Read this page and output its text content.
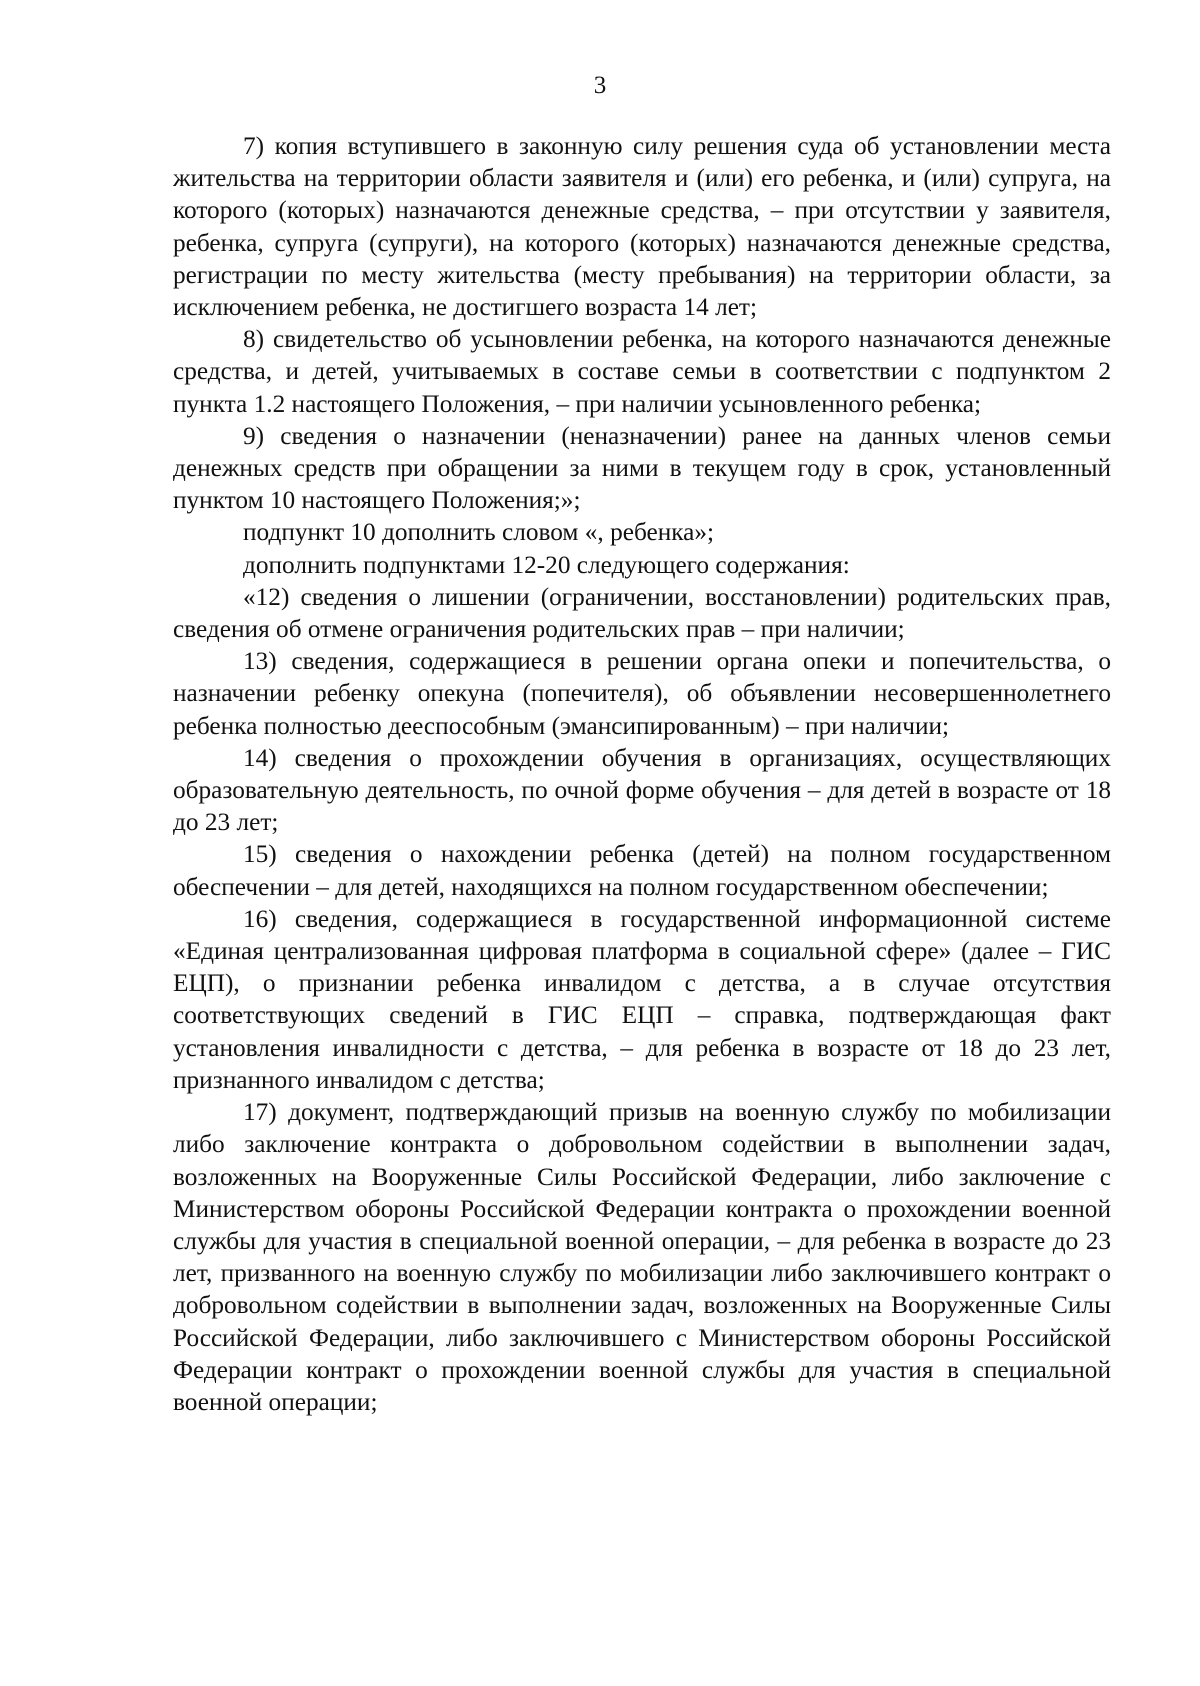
3

7) копия вступившего в законную силу решения суда об установлении места жительства на территории области заявителя и (или) его ребенка, и (или) супруга, на которого (которых) назначаются денежные средства, – при отсутствии у заявителя, ребенка, супруга (супруги), на которого (которых) назначаются денежные средства, регистрации по месту жительства (месту пребывания) на территории области, за исключением ребенка, не достигшего возраста 14 лет;

8) свидетельство об усыновлении ребенка, на которого назначаются денежные средства, и детей, учитываемых в составе семьи в соответствии с подпунктом 2 пункта 1.2 настоящего Положения, – при наличии усыновленного ребенка;

9) сведения о назначении (неназначении) ранее на данных членов семьи денежных средств при обращении за ними в текущем году в срок, установленный пунктом 10 настоящего Положения;»;

подпункт 10 дополнить словом «, ребенка»;

дополнить подпунктами 12-20 следующего содержания:

«12) сведения о лишении (ограничении, восстановлении) родительских прав, сведения об отмене ограничения родительских прав – при наличии;

13) сведения, содержащиеся в решении органа опеки и попечительства, о назначении ребенку опекуна (попечителя), об объявлении несовершеннолетнего ребенка полностью дееспособным (эмансипированным) – при наличии;

14) сведения о прохождении обучения в организациях, осуществляющих образовательную деятельность, по очной форме обучения – для детей в возрасте от 18 до 23 лет;

15) сведения о нахождении ребенка (детей) на полном государственном обеспечении – для детей, находящихся на полном государственном обеспечении;

16) сведения, содержащиеся в государственной информационной системе «Единая централизованная цифровая платформа в социальной сфере» (далее – ГИС ЕЦП), о признании ребенка инвалидом с детства, а в случае отсутствия соответствующих сведений в ГИС ЕЦП – справка, подтверждающая факт установления инвалидности с детства, – для ребенка в возрасте от 18 до 23 лет, признанного инвалидом с детства;

17) документ, подтверждающий призыв на военную службу по мобилизации либо заключение контракта о добровольном содействии в выполнении задач, возложенных на Вооруженные Силы Российской Федерации, либо заключение с Министерством обороны Российской Федерации контракта о прохождении военной службы для участия в специальной военной операции, – для ребенка в возрасте до 23 лет, призванного на военную службу по мобилизации либо заключившего контракт о добровольном содействии в выполнении задач, возложенных на Вооруженные Силы Российской Федерации, либо заключившего с Министерством обороны Российской Федерации контракт о прохождении военной службы для участия в специальной военной операции;
